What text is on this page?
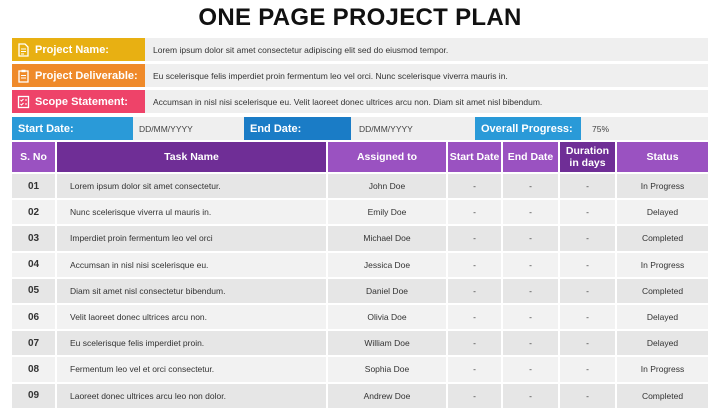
ONE PAGE PROJECT PLAN
Project Name:	Lorem ipsum dolor sit amet consectetur adipiscing elit sed do eiusmod tempor.
Project Deliverable:	Eu scelerisque felis imperdiet proin fermentum leo vel orci. Nunc scelerisque viverra mauris in.
Scope Statement:	Accumsan in nisl nisi scelerisque eu. Velit laoreet donec ultrices arcu non. Diam sit amet nisl bibendum.
Start Date:	DD/MM/YYYY	End Date:	DD/MM/YYYY	Overall Progress:	75%
S. No	Task Name	Assigned to	Start Date	End Date	Duration in days	Status
01	Lorem ipsum dolor sit amet consectetur.	John Doe	-	-	-	In Progress
02	Nunc scelerisque viverra ul mauris in.	Emily Doe	-	-	-	Delayed
03	Imperdiet proin fermentum leo vel orci	Michael Doe	-	-	-	Completed
04	Accumsan in nisl nisi scelerisque eu.	Jessica Doe	-	-	-	In Progress
05	Diam sit amet nisl consectetur bibendum.	Daniel Doe	-	-	-	Completed
06	Velit laoreet donec ultrices arcu non.	Olivia Doe	-	-	-	Delayed
07	Eu scelerisque felis imperdiet proin.	William Doe	-	-	-	Delayed
08	Fermentum leo vel et orci consectetur.	Sophia Doe	-	-	-	In Progress
09	Laoreet donec ultrices arcu leo non dolor.	Andrew Doe	-	-	-	Completed
